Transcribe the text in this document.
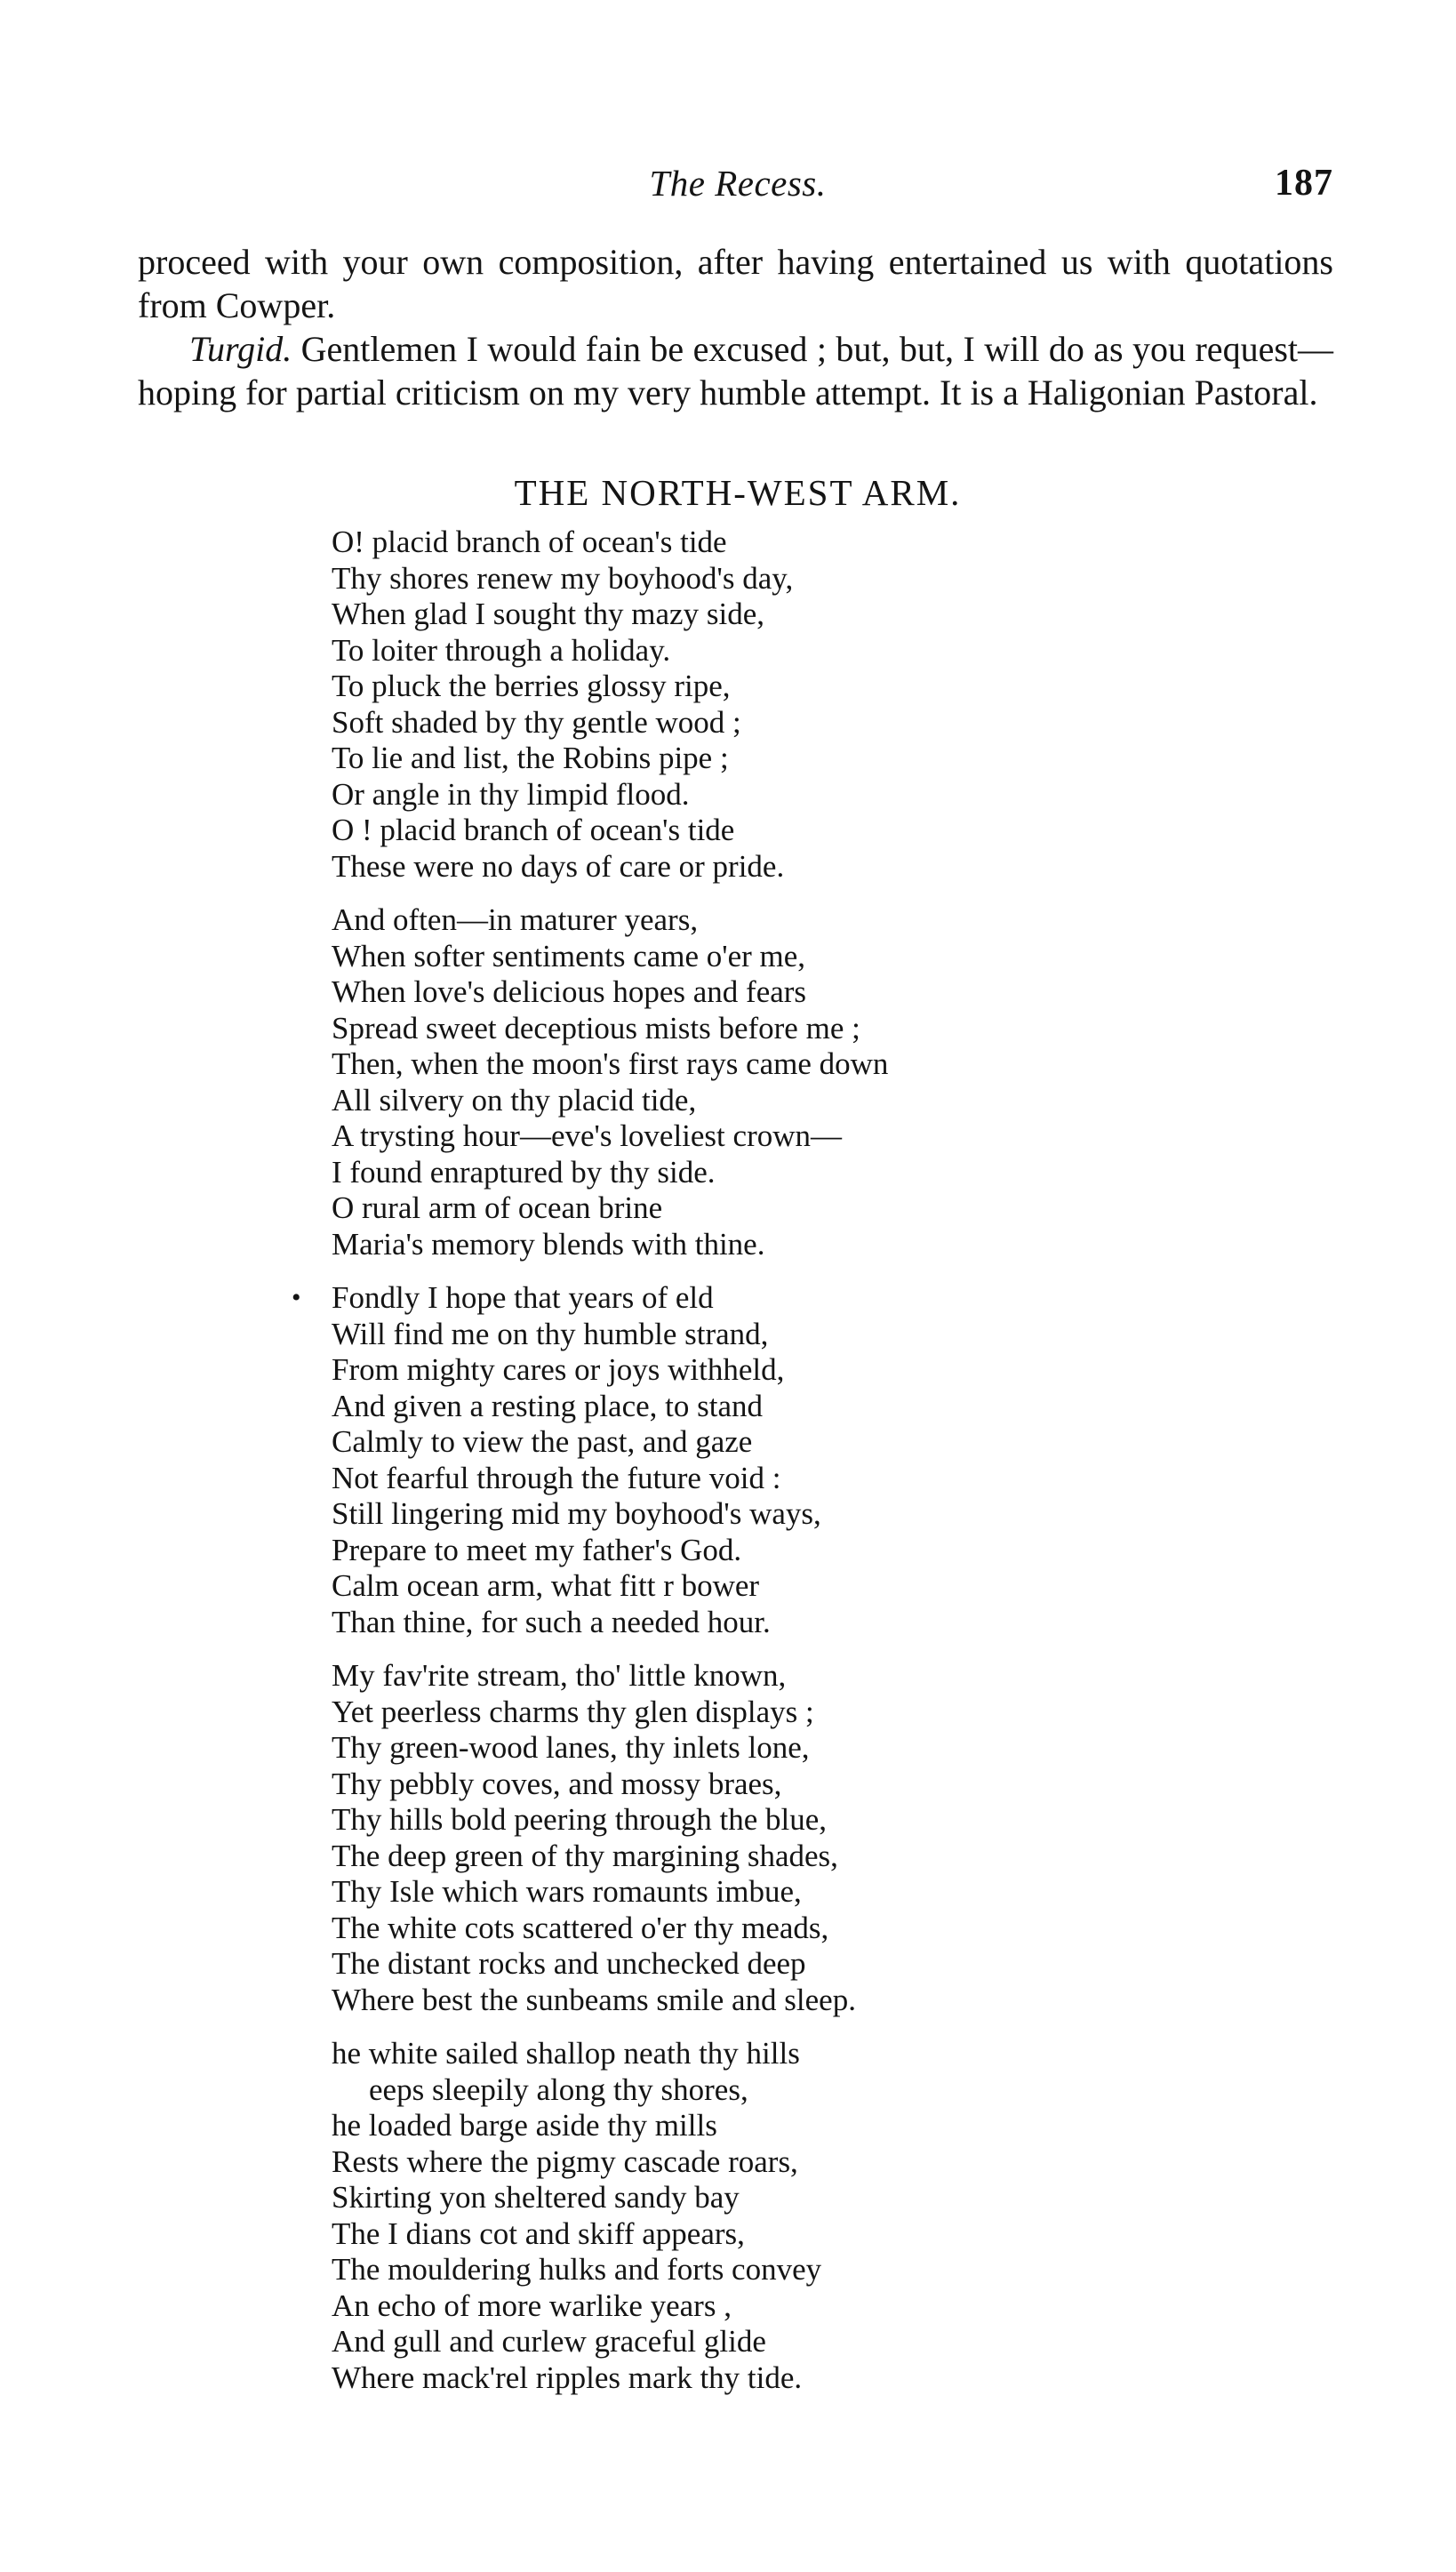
The Recess.	187

proceed with your own composition, after having entertained us with quotations from Cowper.

Turgid. Gentlemen I would fain be excused ; but, but, I will do as you request—hoping for partial criticism on my very humble attempt. It is a Haligonian Pastoral.

THE NORTH-WEST ARM.
O! placid branch of ocean's tide
Thy shores renew my boyhood's day,
When glad I sought thy mazy side,
To loiter through a holiday.
To pluck the berries glossy ripe,
Soft shaded by thy gentle wood ;
To lie and list, the Robins pipe ;
Or angle in thy limpid flood.
O ! placid branch of ocean's tide
These were no days of care or pride.
And often—in maturer years,
When softer sentiments came o'er me,
When love's delicious hopes and fears
Spread sweet deceptious mists before me ;
Then, when the moon's first rays came down
All silvery on thy placid tide,
A trysting hour—eve's loveliest crown—
I found enraptured by thy side.
O rural arm of ocean brine
Maria's memory blends with thine.
• Fondly I hope that years of eld
Will find me on thy humble strand,
From mighty cares or joys withheld,
And given a resting place, to stand
Calmly to view the past, and gaze
Not fearful through the future void :
Still lingering mid my boyhood's ways,
Prepare to meet my father's God.
Calm ocean arm, what fitt r bower
Than thine, for such a needed hour.
My fav'rite stream, tho' little known,
Yet peerless charms thy glen displays ;
Thy green-wood lanes, thy inlets lone,
Thy pebbly coves, and mossy braes,
Thy hills bold peering through the blue,
The deep green of thy margining shades,
Thy Isle which wars romaunts imbue,
The white cots scattered o'er thy meads,
The distant rocks and unchecked deep
Where best the sunbeams smile and sleep.
he white sailed shallop neath thy hills
eeps sleepily along thy shores,
he loaded barge aside thy mills
Rests where the pigmy cascade roars,
Skirting yon sheltered sandy bay
The I dians cot and skiff appears,
The mouldering hulks and forts convey
An echo of more warlike years ,
And gull and curlew graceful glide
Where mack'rel ripples mark thy tide.
